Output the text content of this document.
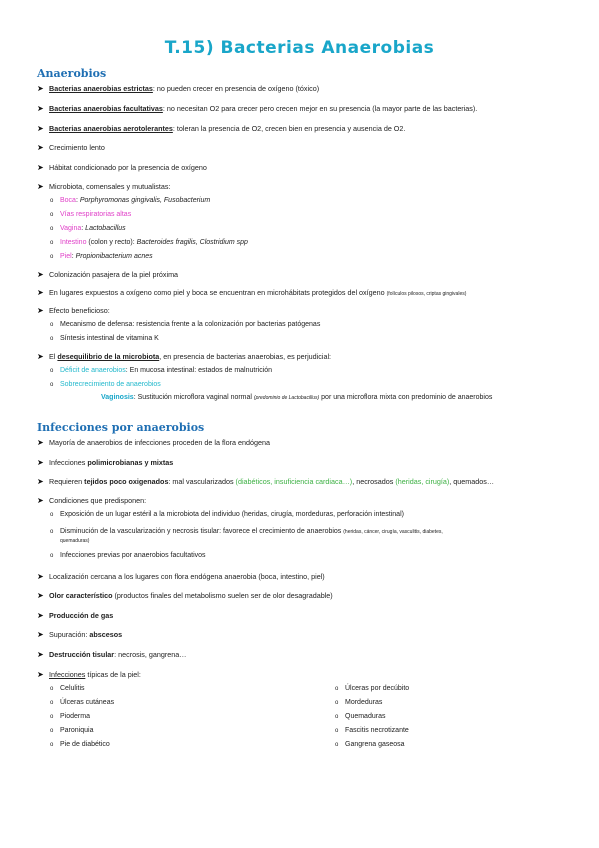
T.15) Bacterias Anaerobias
Anaerobios
➤ Bacterias anaerobias estrictas: no pueden crecer en presencia de oxígeno (tóxico)
➤ Bacterias anaerobias facultativas: no necesitan O2 para crecer pero crecen mejor en su presencia (la mayor parte de las bacterias).
➤ Bacterias anaerobias aerotolerantes: toleran la presencia de O2, crecen bien en presencia y ausencia de O2.
➤ Crecimiento lento
➤ Hábitat condicionado por la presencia de oxígeno
➤ Microbiota, comensales y mutualistas:
o Boca: Porphyromonas gingivalis, Fusobacterium
o Vías respiratorias altas
o Vagina: Lactobacillus
o Intestino (colon y recto): Bacteroides fragilis, Clostridium spp
o Piel: Propionibacterium acnes
➤ Colonización pasajera de la piel próxima
➤ En lugares expuestos a oxígeno como piel y boca se encuentran en microhábitats protegidos del oxígeno (folículos pilosos, criptas gingivales)
➤ Efecto beneficioso:
o Mecanismo de defensa: resistencia frente a la colonización por bacterias patógenas
o Síntesis intestinal de vitamina K
➤ El desequilibrio de la microbiota, en presencia de bacterias anaerobias, es perjudicial:
o Déficit de anaerobios: En mucosa intestinal: estados de malnutrición
o Sobrecrecimiento de anaerobios
Vaginosis: Sustitución microflora vaginal normal (predominio de Lactobacillus) por una microflora mixta con predominio de anaerobios
Infecciones por anaerobios
➤ Mayoría de anaerobios de infecciones proceden de la flora endógena
➤ Infecciones polimicrobianas y mixtas
➤ Requieren tejidos poco oxigenados: mal vascularizados (diabéticos, insuficiencia cardiaca…), necrosados (heridas, cirugía), quemados…
➤ Condiciones que predisponen:
o Exposición de un lugar estéril a la microbiota del individuo (heridas, cirugía, mordeduras, perforación intestinal)
o Disminución de la vascularización y necrosis tisular: favorece el crecimiento de anaerobios (heridas, cáncer, cirugía, vasculitis, diabetes,
quemaduras)
o Infecciones previas por anaerobios facultativos
➤ Localización cercana a los lugares con flora endógena anaerobia (boca, intestino, piel)
➤ Olor característico (productos finales del metabolismo suelen ser de olor desagradable)
➤ Producción de gas
➤ Supuración: abscesos
➤ Destrucción tisular: necrosis, gangrena…
➤ Infecciones típicas de la piel:
o Celulitis
o Úlceras cutáneas
o Pioderma
o Paroniquia
o Pie de diabético
o Úlceras por decúbito
o Mordeduras
o Quemaduras
o Fascitis necrotizante
o Gangrena gaseosa
